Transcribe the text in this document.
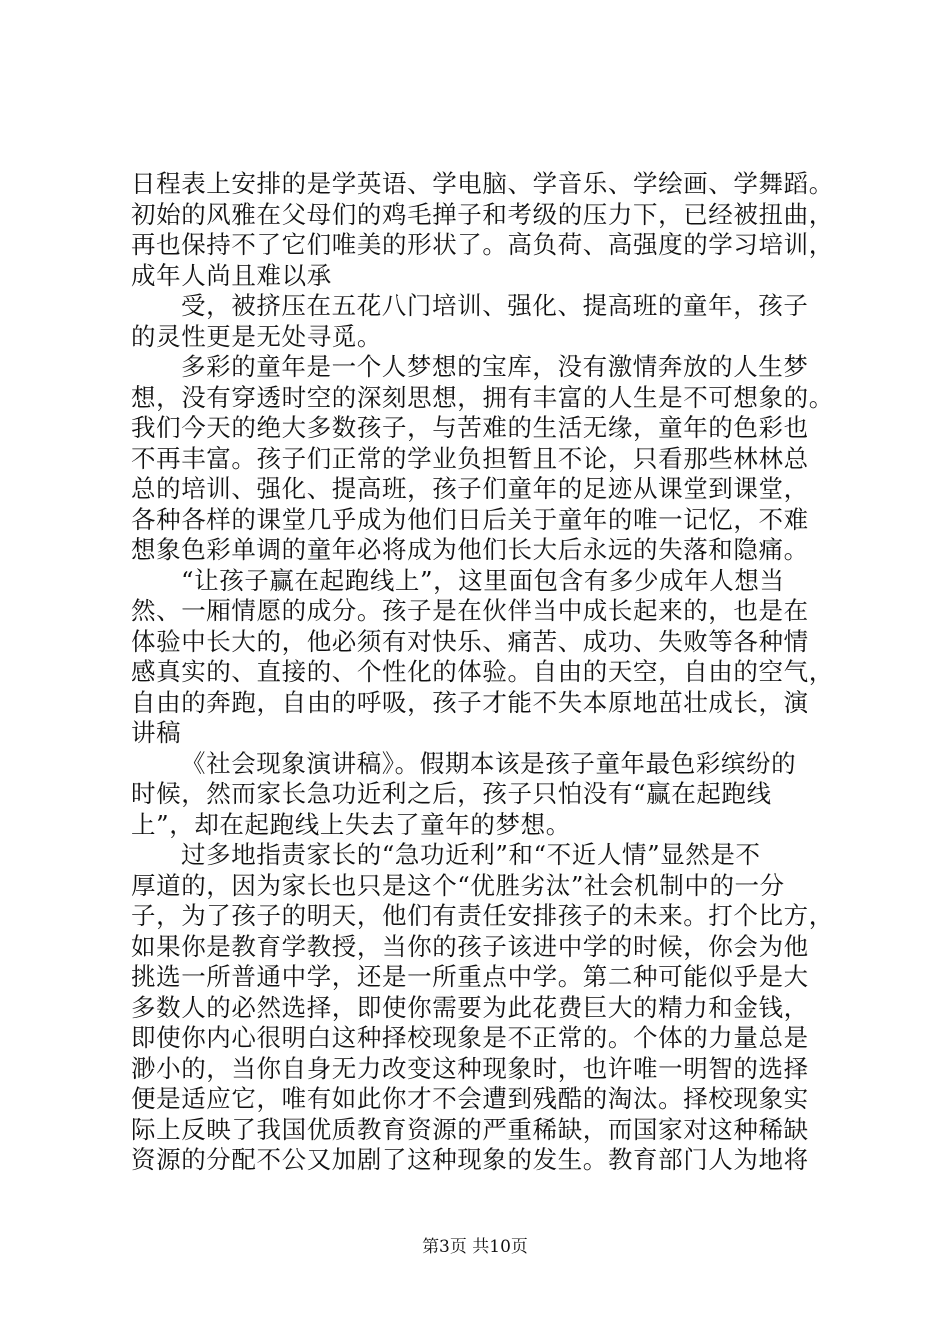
日程表上安排的是学英语、学电脑、学音乐、学绘画、学舞蹈。
初始的风雅在父母们的鸡毛掸子和考级的压力下，已经被扭曲，
再也保持不了它们唯美的形状了。高负荷、高强度的学习培训，
成年人尚且难以承
受，被挤压在五花八门培训、强化、提高班的童年，孩子
的灵性更是无处寻觅。
多彩的童年是一个人梦想的宝库，没有激情奔放的人生梦
想，没有穿透时空的深刻思想，拥有丰富的人生是不可想象的。
我们今天的绝大多数孩子，与苦难的生活无缘，童年的色彩也
不再丰富。孩子们正常的学业负担暂且不论，只看那些林林总
总的培训、强化、提高班，孩子们童年的足迹从课堂到课堂，
各种各样的课堂几乎成为他们日后关于童年的唯一记忆，不难
想象色彩单调的童年必将成为他们长大后永远的失落和隐痛。
“让孩子赢在起跑线上”，这里面包含有多少成年人想当
然、一厢情愿的成分。孩子是在伙伴当中成长起来的，也是在
体验中长大的，他必须有对快乐、痛苦、成功、失败等各种情
感真实的、直接的、个性化的体验。自由的天空，自由的空气，
自由的奔跑，自由的呼吸，孩子才能不失本原地茁壮成长，演
讲稿
《社会现象演讲稿》。假期本该是孩子童年最色彩缤纷的
时候，然而家长急功近利之后，孩子只怕没有“赢在起跑线
上”，却在起跑线上失去了童年的梦想。
过多地指责家长的“急功近利”和“不近人情”显然是不
厚道的，因为家长也只是这个“优胜劣汰”社会机制中的一分
子，为了孩子的明天，他们有责任安排孩子的未来。打个比方，
如果你是教育学教授，当你的孩子该进中学的时候，你会为他
挑选一所普通中学，还是一所重点中学。第二种可能似乎是大
多数人的必然选择，即使你需要为此花费巨大的精力和金钱，
即使你内心很明白这种择校现象是不正常的。个体的力量总是
渺小的，当你自身无力改变这种现象时，也许唯一明智的选择
便是适应它，唯有如此你才不会遭到残酷的淘汰。择校现象实
际上反映了我国优质教育资源的严重稀缺，而国家对这种稀缺
资源的分配不公又加剧了这种现象的发生。教育部门人为地将
第3页 共10页
